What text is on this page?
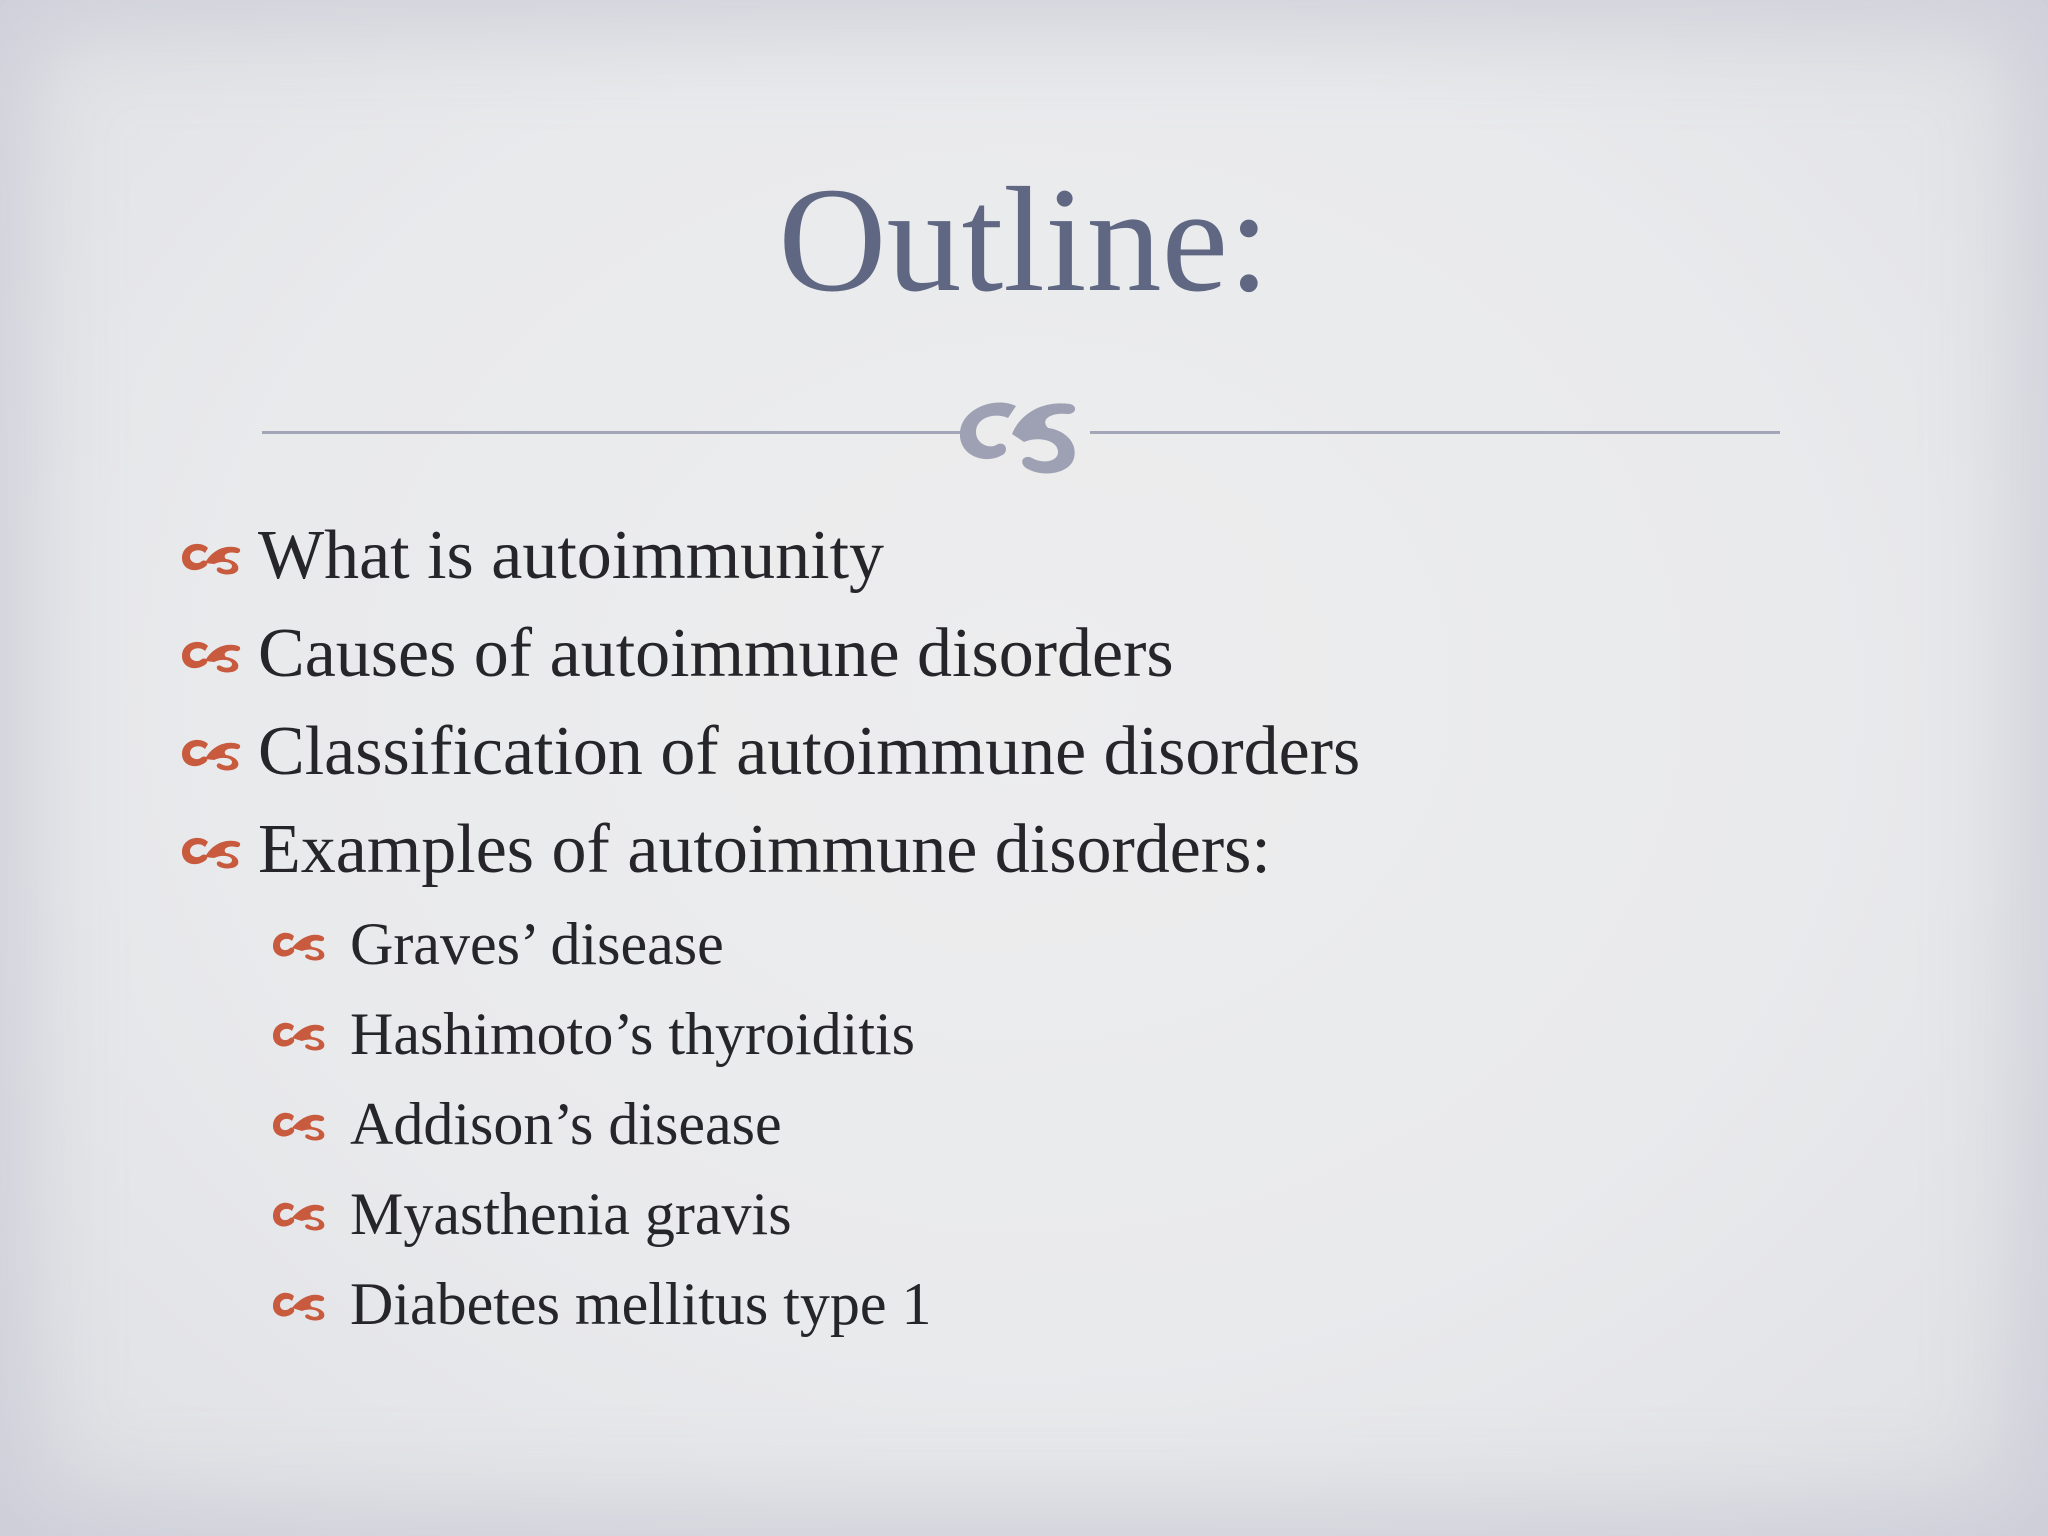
Outline:
What is autoimmunity
Causes of autoimmune disorders
Classification of autoimmune disorders
Examples of autoimmune disorders:
Graves’ disease
Hashimoto’s thyroiditis
Addison’s disease
Myasthenia gravis
Diabetes mellitus type 1
